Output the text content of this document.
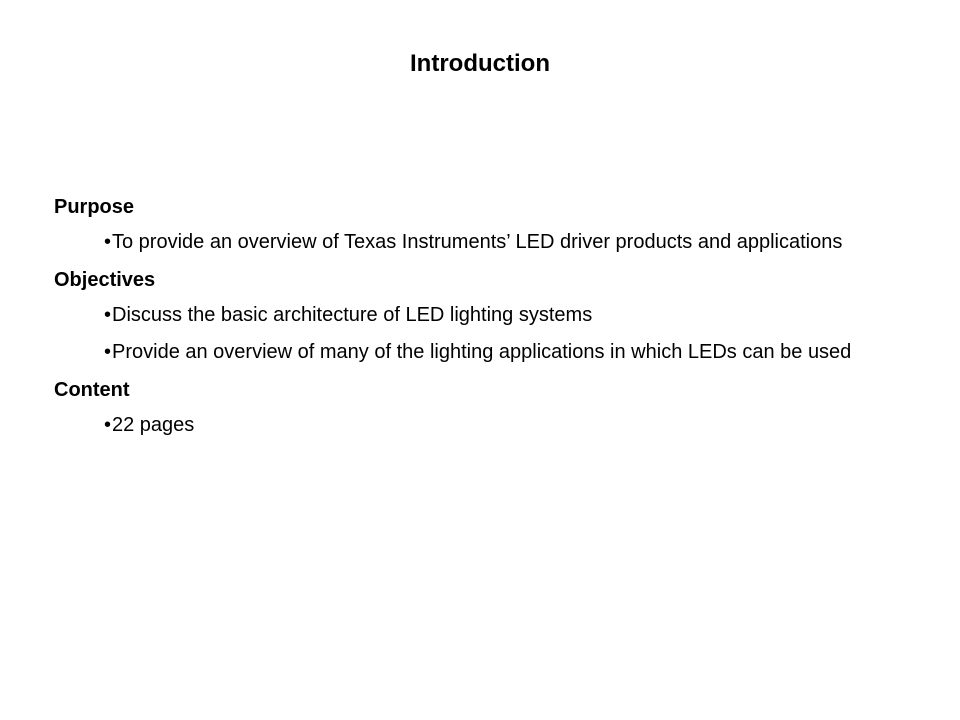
Introduction
Purpose
• To provide an overview of Texas Instruments’ LED driver products and applications
Objectives
• Discuss the basic architecture of LED lighting systems
• Provide an overview of many of the lighting applications in which LEDs can be used
Content
• 22 pages
